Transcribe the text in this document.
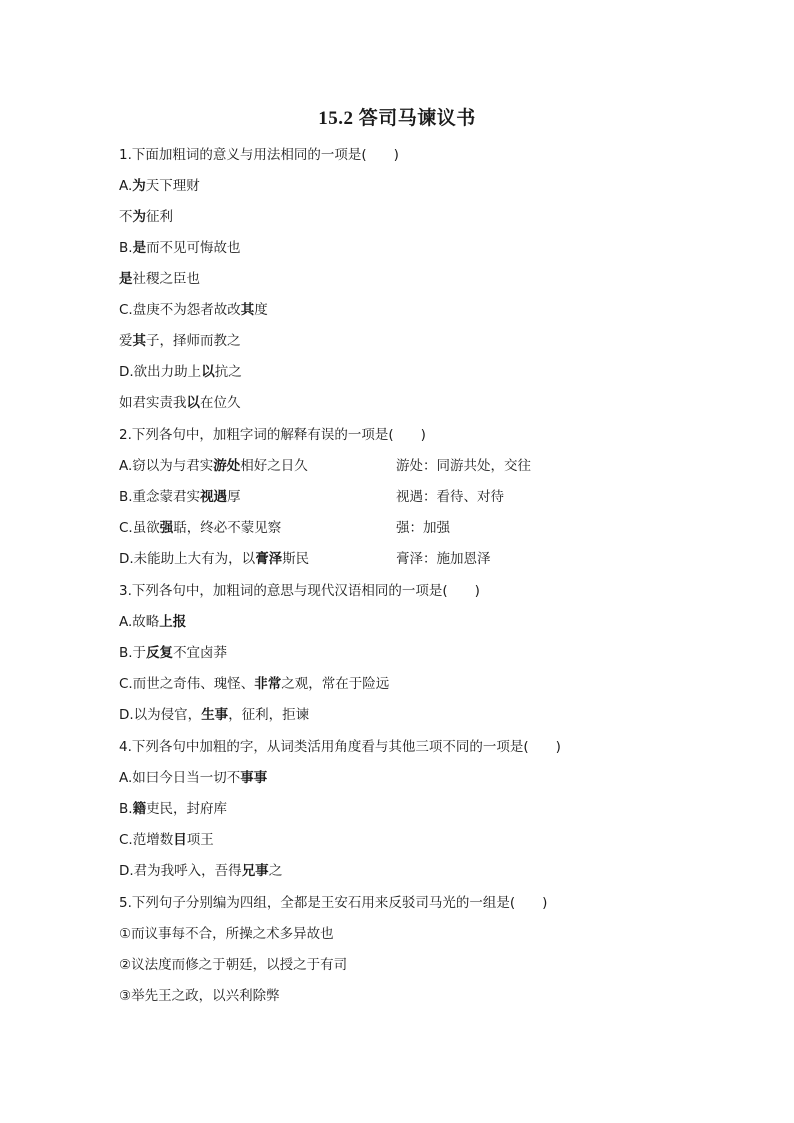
15.2 答司马谏议书
1.下面加粗词的意义与用法相同的一项是(　　)
A.为天下理财
不为征利
B.是而不见可悔故也
是社稷之臣也
C.盘庚不为怨者故改其度
爱其子，择师而教之
D.欲出力助上以抗之
如君实责我以在位久
2.下列各句中，加粗字词的解释有误的一项是(　　)
A.窃以为与君实游处相好之日久	游处：同游共处，交往
B.重念蒙君实视遇厚	视遇：看待、对待
C.虽欲强聒，终必不蒙见察	强：加强
D.未能助上大有为，以膏泽斯民	膏泽：施加恩泽
3.下列各句中，加粗词的意思与现代汉语相同的一项是(　　)
A.故略上报
B.于反复不宜卤莽
C.而世之奇伟、瑰怪、非常之观，常在于险远
D.以为侵官，生事，征利，拒谏
4.下列各句中加粗的字，从词类活用角度看与其他三项不同的一项是(　　)
A.如曰今日当一切不事事
B.籍吏民，封府库
C.范增数目项王
D.君为我呼入，吾得兄事之
5.下列句子分别编为四组，全都是王安石用来反驳司马光的一组是(　　)
①而议事每不合，所操之术多异故也
②议法度而修之于朝廷，以授之于有司
③举先王之政，以兴利除弊
